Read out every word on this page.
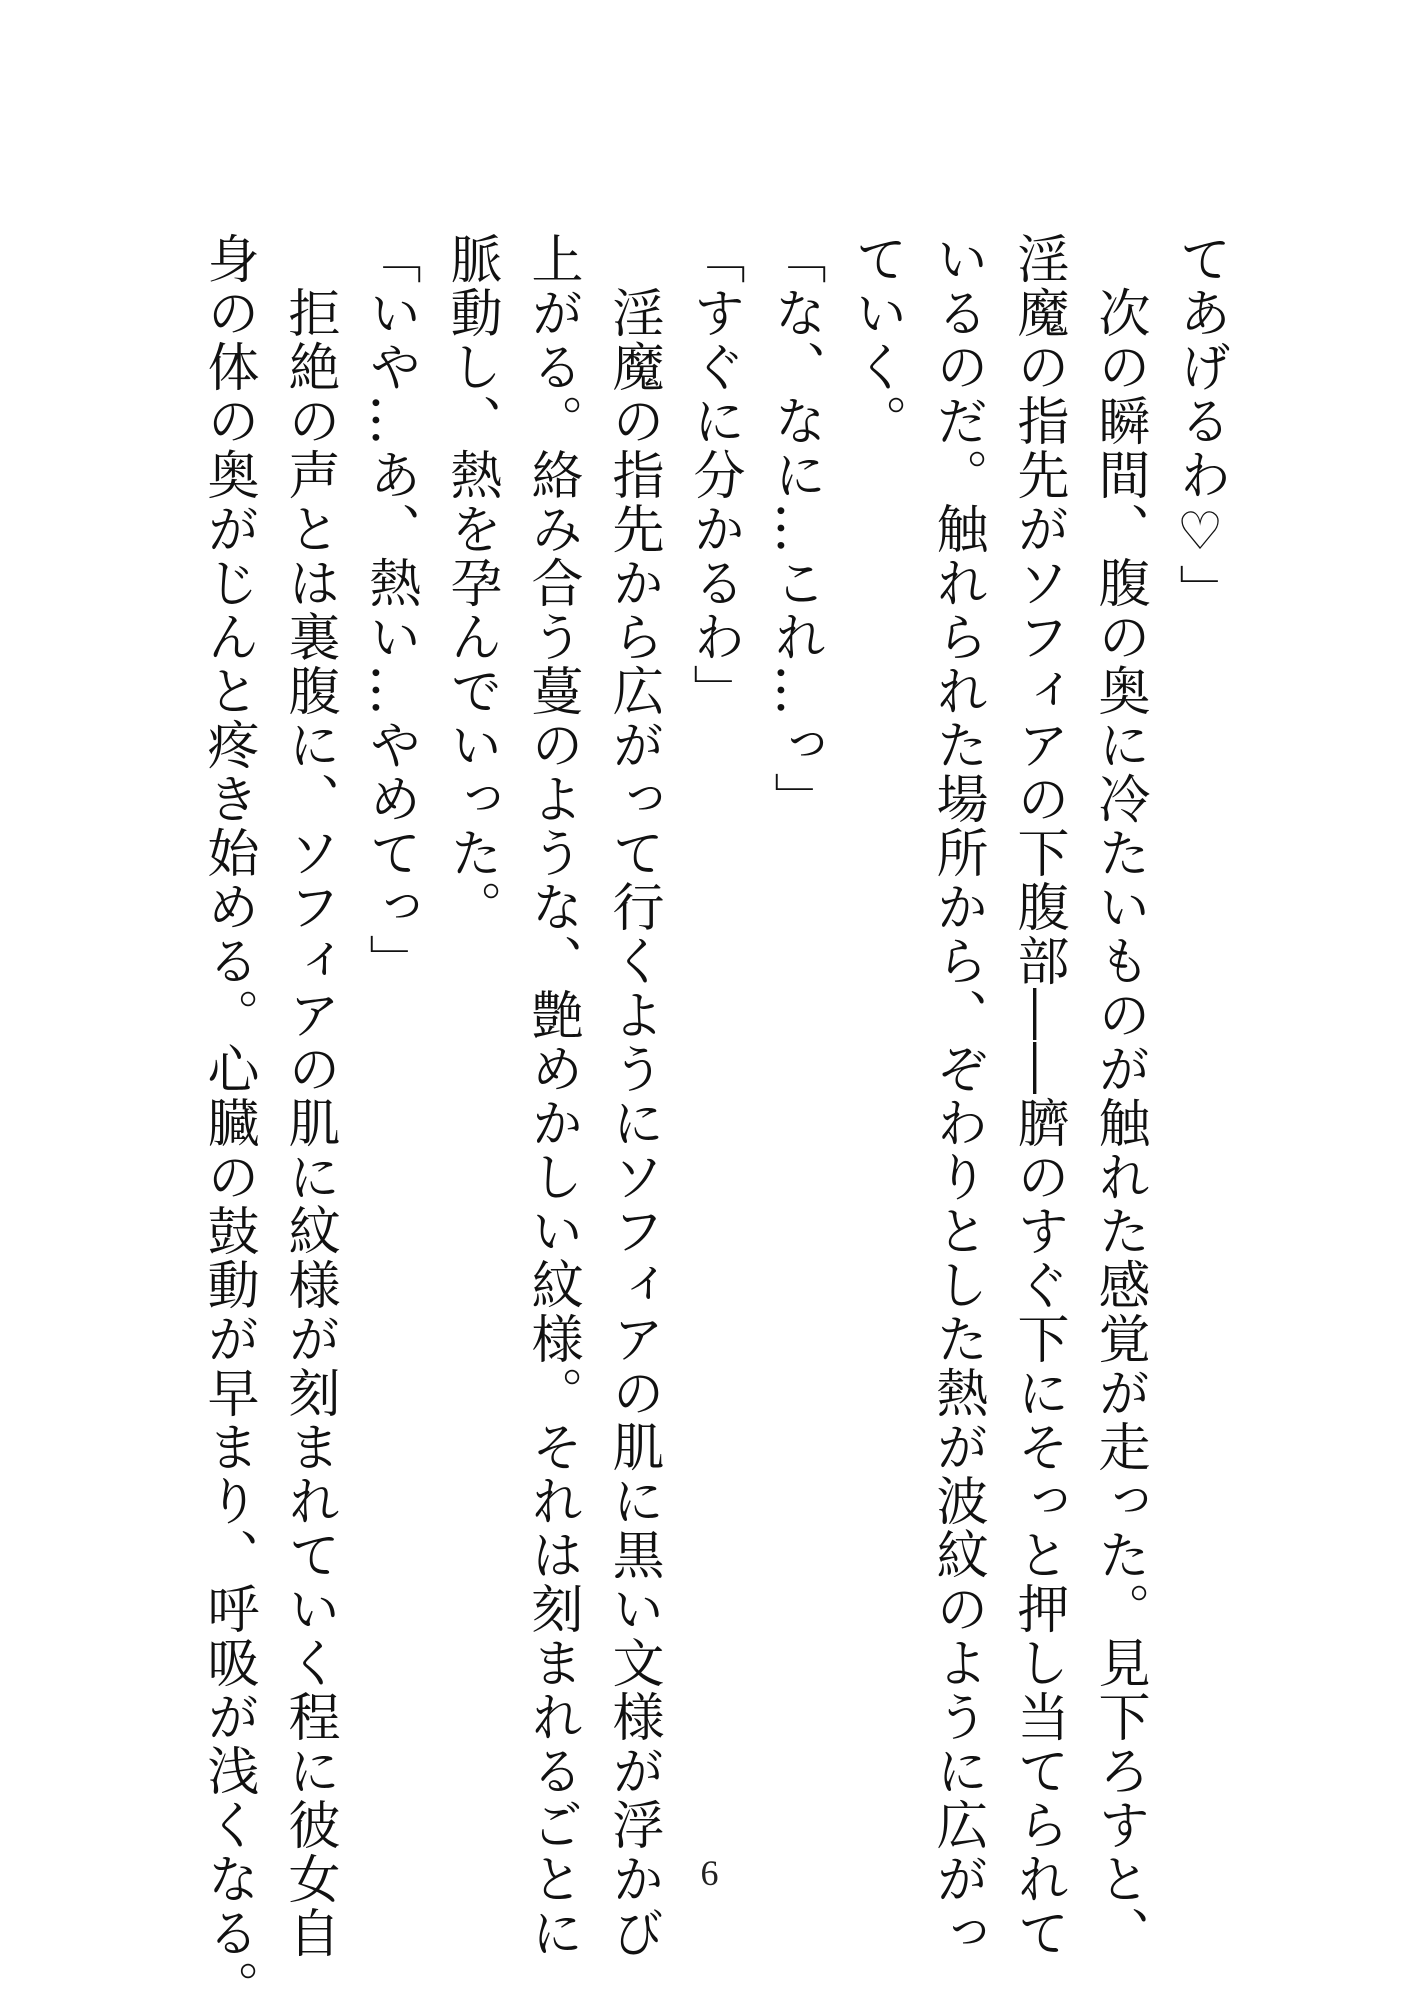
てあげるわ♡」
　次の瞬間、腹の奥に冷たいものが触れた感覚が走った。見下ろすと、
淫魔の指先がソフィアの下腹部――臍のすぐ下にそっと押し当てられて
いるのだ。触れられた場所から、ぞわりとした熱が波紋のように広がっ
ていく。
「な、なに…これ…っ」
「すぐに分かるわ」
　淫魔の指先から広がって行くようにソフィアの肌に黒い文様が浮かび
上がる。絡み合う蔓のような、艶めかしい紋様。それは刻まれるごとに
脈動し、熱を孕んでいった。
「いや…あ、熱い…やめてっ」
　拒絶の声とは裏腹に、ソフィアの肌に紋様が刻まれていく程に彼女自
身の体の奥がじんと疼き始める。心臓の鼓動が早まり、呼吸が浅くなる。	6
